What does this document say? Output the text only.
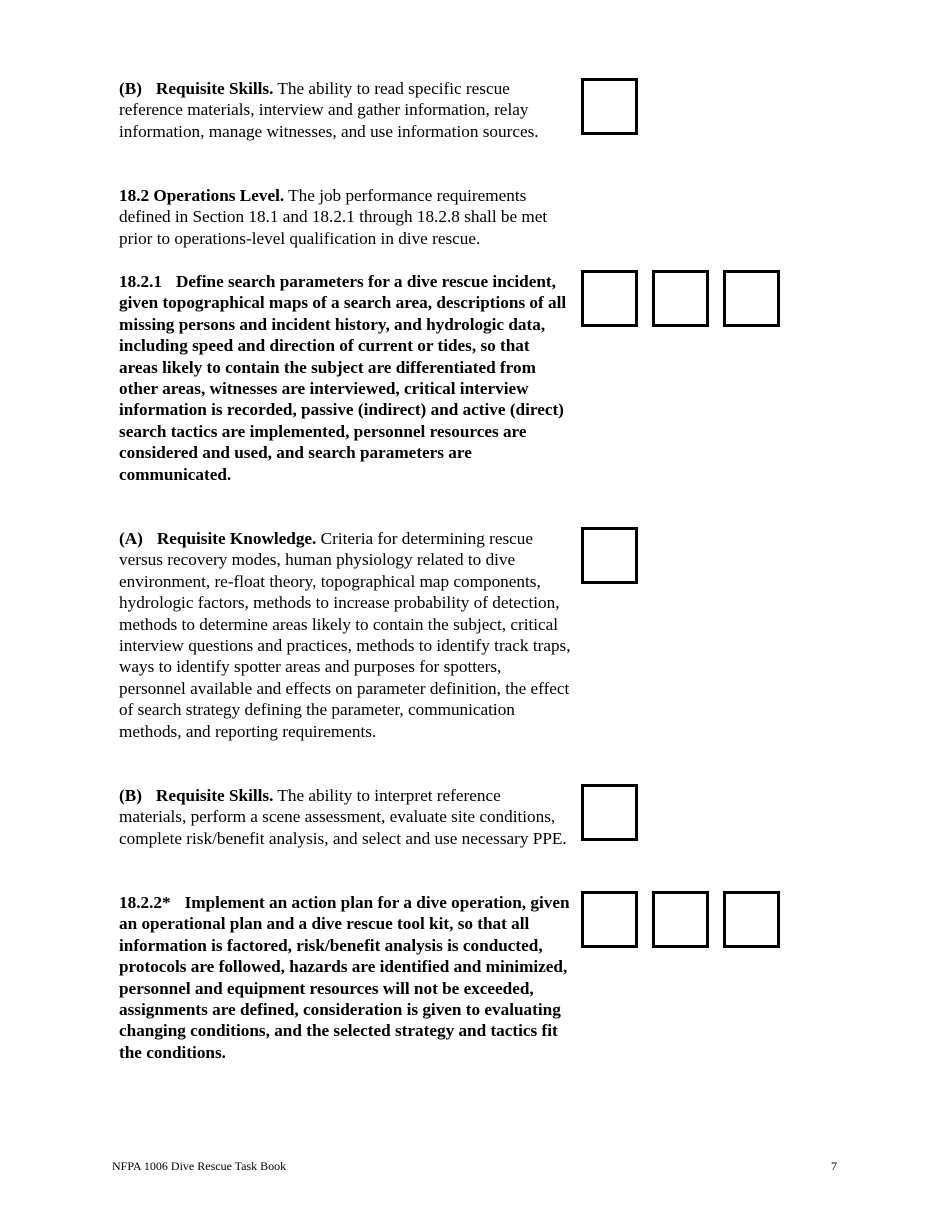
(B) Requisite Skills. The ability to read specific rescue reference materials, interview and gather information, relay information, manage witnesses, and use information sources.
18.2 Operations Level. The job performance requirements defined in Section 18.1 and 18.2.1 through 18.2.8 shall be met prior to operations-level qualification in dive rescue.
18.2.1 Define search parameters for a dive rescue incident, given topographical maps of a search area, descriptions of all missing persons and incident history, and hydrologic data, including speed and direction of current or tides, so that areas likely to contain the subject are differentiated from other areas, witnesses are interviewed, critical interview information is recorded, passive (indirect) and active (direct) search tactics are implemented, personnel resources are considered and used, and search parameters are communicated.
(A) Requisite Knowledge. Criteria for determining rescue versus recovery modes, human physiology related to dive environment, re-float theory, topographical map components, hydrologic factors, methods to increase probability of detection, methods to determine areas likely to contain the subject, critical interview questions and practices, methods to identify track traps, ways to identify spotter areas and purposes for spotters, personnel available and effects on parameter definition, the effect of search strategy defining the parameter, communication methods, and reporting requirements.
(B) Requisite Skills. The ability to interpret reference materials, perform a scene assessment, evaluate site conditions, complete risk/benefit analysis, and select and use necessary PPE.
18.2.2* Implement an action plan for a dive operation, given an operational plan and a dive rescue tool kit, so that all information is factored, risk/benefit analysis is conducted, protocols are followed, hazards are identified and minimized, personnel and equipment resources will not be exceeded, assignments are defined, consideration is given to evaluating changing conditions, and the selected strategy and tactics fit the conditions.
NFPA 1006 Dive Rescue Task Book	7
